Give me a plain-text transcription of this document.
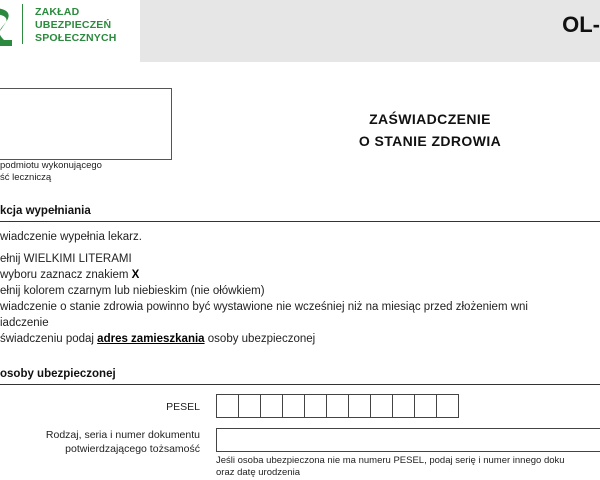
ZAKŁAD
UBEZPIECZEŃ
SPOŁECZNYCH
OL-
podmiotu wykonującego
ść leczniczą
ZAŚWIADCZENIE
O STANIE ZDROWIA
kcja wypełniania
wiadczenie wypełnia lekarz.
ełnij WIELKIMI LITERAMI
wyboru zaznacz znakiem X
ełnij kolorem czarnym lub niebieskim (nie ołówkiem)
wiadczenie o stanie zdrowia powinno być wystawione nie wcześniej niż na miesiąc przed złożeniem wni
iadczenie
świadczeniu podaj adres zamieszkania osoby ubezpieczonej
osoby ubezpieczonej
PESEL
Rodzaj, seria i numer dokumentu
potwierdzającego tożsamość
Jeśli osoba ubezpieczona nie ma numeru PESEL, podaj serię i numer innego doku
oraz datę urodzenia
